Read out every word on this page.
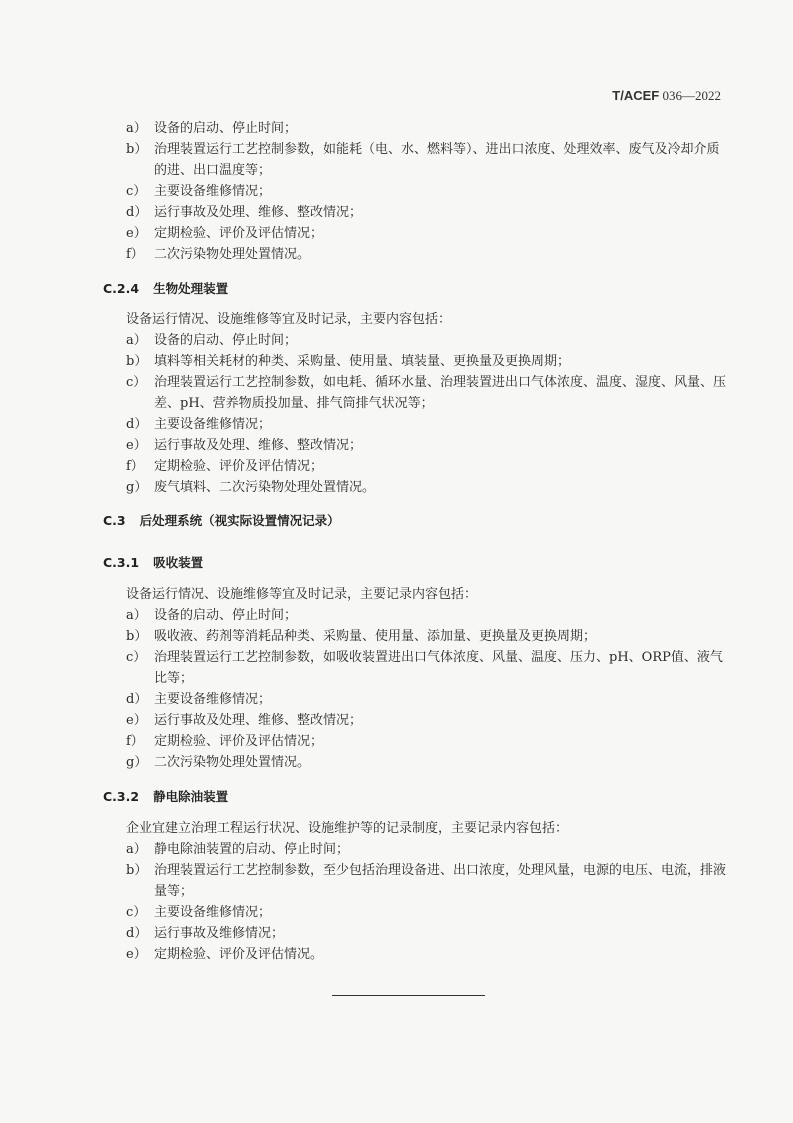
T/ACEF 036—2022
a） 设备的启动、停止时间；
b） 治理装置运行工艺控制参数，如能耗（电、水、燃料等）、进出口浓度、处理效率、废气及冷却介质的进、出口温度等；
c） 主要设备维修情况；
d） 运行事故及处理、维修、整改情况；
e） 定期检验、评价及评估情况；
f） 二次污染物处理处置情况。
C.2.4 生物处理装置
设备运行情况、设施维修等宜及时记录，主要内容包括：
a） 设备的启动、停止时间；
b） 填料等相关耗材的种类、采购量、使用量、填装量、更换量及更换周期；
c） 治理装置运行工艺控制参数，如电耗、循环水量、治理装置进出口气体浓度、温度、湿度、风量、压差、pH、营养物质投加量、排气筒排气状况等；
d） 主要设备维修情况；
e） 运行事故及处理、维修、整改情况；
f） 定期检验、评价及评估情况；
g） 废气填料、二次污染物处理处置情况。
C.3 后处理系统（视实际设置情况记录）
C.3.1 吸收装置
设备运行情况、设施维修等宜及时记录，主要记录内容包括：
a） 设备的启动、停止时间；
b） 吸收液、药剂等消耗品种类、采购量、使用量、添加量、更换量及更换周期；
c） 治理装置运行工艺控制参数，如吸收装置进出口气体浓度、风量、温度、压力、pH、ORP值、液气比等；
d） 主要设备维修情况；
e） 运行事故及处理、维修、整改情况；
f） 定期检验、评价及评估情况；
g） 二次污染物处理处置情况。
C.3.2 静电除油装置
企业宜建立治理工程运行状况、设施维护等的记录制度，主要记录内容包括：
a） 静电除油装置的启动、停止时间；
b） 治理装置运行工艺控制参数，至少包括治理设备进、出口浓度，处理风量，电源的电压、电流，排液量等；
c） 主要设备维修情况；
d） 运行事故及维修情况；
e） 定期检验、评价及评估情况。
